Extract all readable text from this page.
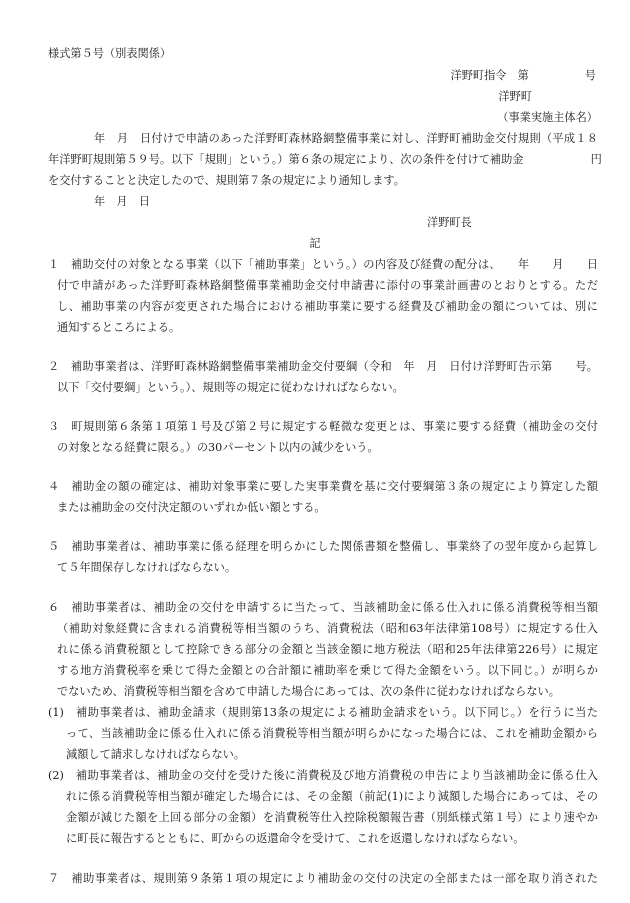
様式第５号（別表関係）
洋野町指令　第　　　　　号
洋野町
（事業実施主体名）
年　月　日付けで申請のあった洋野町森林路網整備事業に対し、洋野町補助金交付規則（平成１８
年洋野町規則第５９号。以下「規則」という。）第６条の規定により、次の条件を付けて補助金　　　　　　円
を交付することと決定したので、規則第７条の規定により通知します。
年　月　日
洋野町長
記
１　補助交付の対象となる事業（以下「補助事業」という。）の内容及び経費の配分は、　　年　　月　　日
付で申請があった洋野町森林路網整備事業補助金交付申請書に添付の事業計画書のとおりとする。ただ
し、補助事業の内容が変更された場合における補助事業に要する経費及び補助金の額については、別に
通知するところによる。
２　補助事業者は、洋野町森林路網整備事業補助金交付要綱（令和　年　月　日付け洋野町告示第　　号。
以下「交付要綱」という。）、規則等の規定に従わなければならない。
３　町規則第６条第１項第１号及び第２号に規定する軽微な変更とは、事業に要する経費（補助金の交付
の対象となる経費に限る。）の30パーセント以内の減少をいう。
４　補助金の額の確定は、補助対象事業に要した実事業費を基に交付要綱第３条の規定により算定した額
または補助金の交付決定額のいずれか低い額とする。
５　補助事業者は、補助事業に係る経理を明らかにした関係書類を整備し、事業終了の翌年度から起算し
て５年間保存しなければならない。
６　補助事業者は、補助金の交付を申請するに当たって、当該補助金に係る仕入れに係る消費税等相当額
（補助対象経費に含まれる消費税等相当額のうち、消費税法（昭和63年法律第108号）に規定する仕入
れに係る消費税額として控除できる部分の金額と当該金額に地方税法（昭和25年法律第226号）に規定
する地方消費税率を乗じて得た金額との合計額に補助率を乗じて得た金額をいう。以下同じ。）が明らか
でないため、消費税等相当額を含めて申請した場合にあっては、次の条件に従わなければならない。
(1)　補助事業者は、補助金請求（規則第13条の規定による補助金請求をいう。以下同じ。）を行うに当た
って、当該補助金に係る仕入れに係る消費税等相当額が明らかになった場合には、これを補助金額から
減額して請求しなければならない。
(2)　補助事業者は、補助金の交付を受けた後に消費税及び地方消費税の申告により当該補助金に係る仕入
れに係る消費税等相当額が確定した場合には、その金額（前記(1)により減額した場合にあっては、その
金額が減じた額を上回る部分の金額）を消費税等仕入控除税額報告書（別紙様式第１号）により速やか
に町長に報告するとともに、町からの返還命令を受けて、これを返還しなければならない。
７　補助事業者は、規則第９条第１項の規定により補助金の交付の決定の全部または一部を取り消された
